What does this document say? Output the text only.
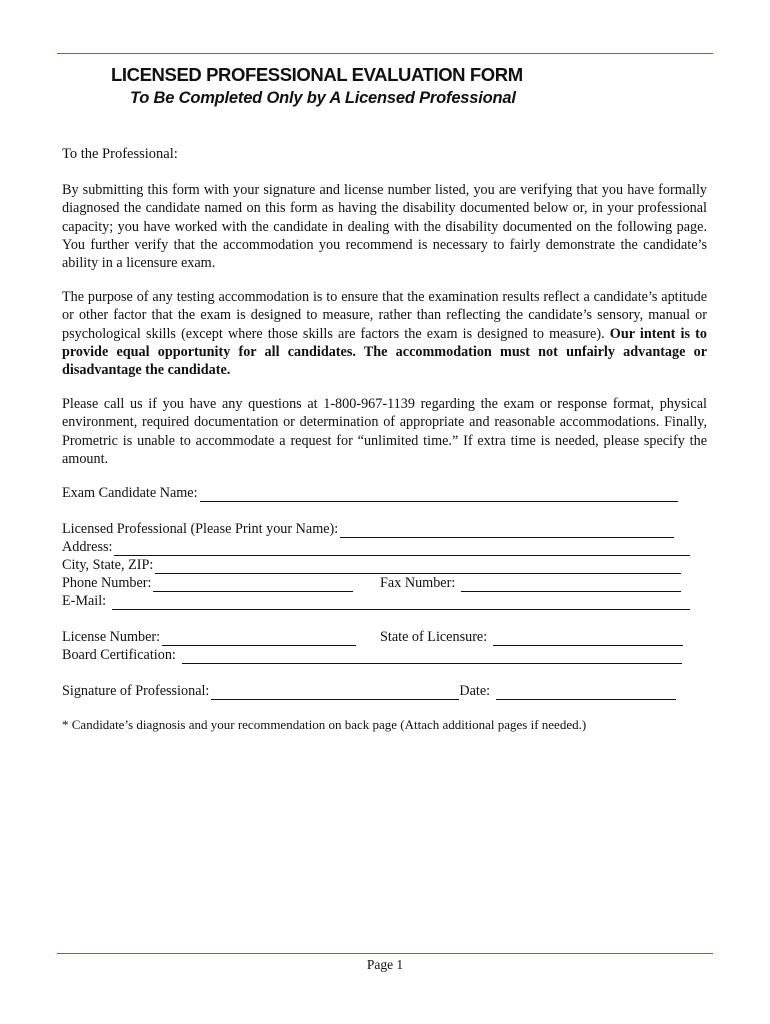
LICENSED PROFESSIONAL EVALUATION FORM
To Be Completed Only by A Licensed Professional
To the Professional:

By submitting this form with your signature and license number listed, you are verifying that you have formally diagnosed the candidate named on this form as having the disability documented below or, in your professional capacity; you have worked with the candidate in dealing with the disability documented on the following page. You further verify that the accommodation you recommend is necessary to fairly demonstrate the candidate’s ability in a licensure exam.

The purpose of any testing accommodation is to ensure that the examination results reflect a candidate’s aptitude or other factor that the exam is designed to measure, rather than reflecting the candidate’s sensory, manual or psychological skills (except where those skills are factors the exam is designed to measure). Our intent is to provide equal opportunity for all candidates. The accommodation must not unfairly advantage or disadvantage the candidate.

Please call us if you have any questions at 1-800-967-1139 regarding the exam or response format, physical environment, required documentation or determination of appropriate and reasonable accommodations. Finally, Prometric is unable to accommodate a request for “unlimited time.” If extra time is needed, please specify the amount.

Exam Candidate Name:
Licensed Professional (Please Print your Name):
Address:
City, State, ZIP:
Phone Number:	Fax Number:
E-Mail:
License Number:	State of Licensure:
Board Certification:
Signature of Professional:	Date:
* Candidate’s diagnosis and your recommendation on back page (Attach additional pages if needed.)
Page 1
